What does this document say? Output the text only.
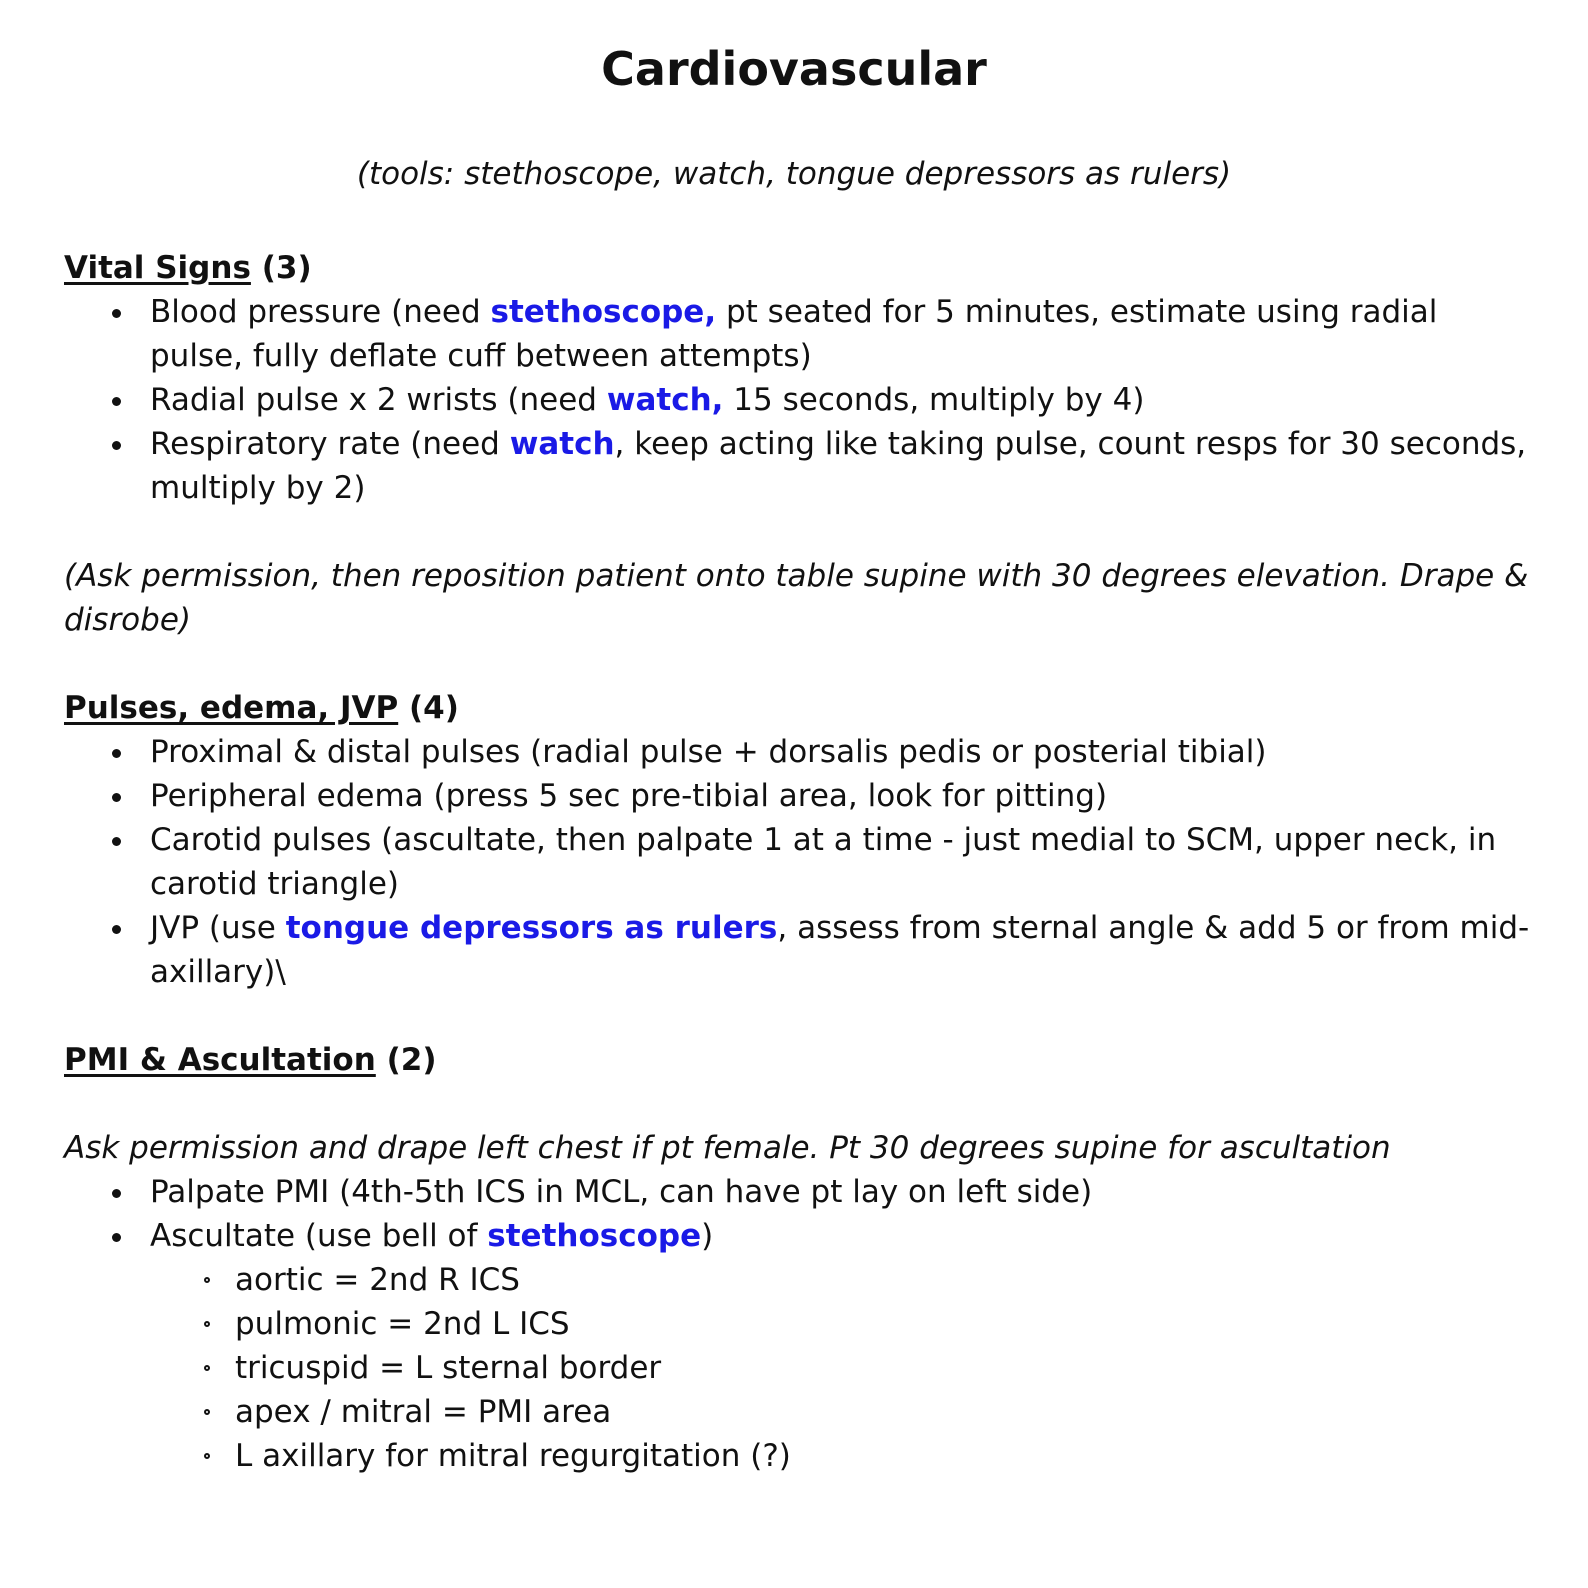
Cardiovascular
(tools: stethoscope, watch, tongue depressors as rulers)

Vital Signs (3)

Blood pressure (need stethoscope, pt seated for 5 minutes, estimate using radial pulse, fully deflate cuff between attempts)
Radial pulse x 2 wrists (need watch, 15 seconds, multiply by 4)
Respiratory rate (need watch, keep acting like taking pulse, count resps for 30 seconds, multiply by 2)

(Ask permission, then reposition patient onto table supine with 30 degrees elevation. Drape & disrobe)

Pulses, edema, JVP (4)

Proximal & distal pulses (radial pulse + dorsalis pedis or posterial tibial)
Peripheral edema (press 5 sec pre-tibial area, look for pitting)
Carotid pulses (ascultate, then palpate 1 at a time - just medial to SCM, upper neck, in carotid triangle)
JVP (use tongue depressors as rulers, assess from sternal angle & add 5 or from mid-axillary)\

PMI & Ascultation (2)

Ask permission and drape left chest if pt female. Pt 30 degrees supine for ascultation

Palpate PMI (4th-5th ICS in MCL, can have pt lay on left side)
Ascultate (use bell of stethoscope)
aortic = 2nd R ICS
pulmonic = 2nd L ICS
tricuspid = L sternal border
apex / mitral = PMI area
L axillary for mitral regurgitation (?)
